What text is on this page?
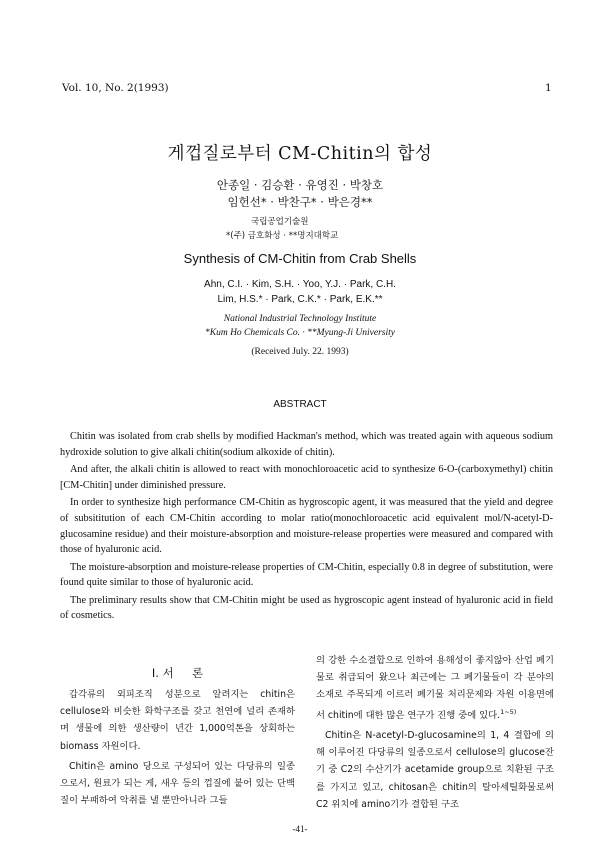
Vol. 10, No. 2(1993)	1
게껍질로부터 CM-Chitin의 합성
안종일 · 김승환 · 유영진 · 박창호
임헌선* · 박찬구* · 박은경**
국립공업기술원
*(주) 금호화성 · **명지대학교
Synthesis of CM-Chitin from Crab Shells
Ahn, C.I. · Kim, S.H. · Yoo, Y.J. · Park, C.H.
Lim, H.S.* · Park, C.K.* · Park, E.K.**
National Industrial Technology Institute
*Kum Ho Chemicals Co. · **Myung-Ji University
(Received July. 22. 1993)
ABSTRACT

Chitin was isolated from crab shells by modified Hackman's method, which was treated again with aqueous sodium hydroxide solution to give alkali chitin(sodium alkoxide of chitin).

And after, the alkali chitin is allowed to react with monochloroacetic acid to synthesize 6-O-(carboxymethyl) chitin [CM-Chitin] under diminished pressure.

In order to synthesize high performance CM-Chitin as hygroscopic agent, it was measured that the yield and degree of subsititution of each CM-Chitin according to molar ratio(monochloroacetic acid equivalent mol/N-acetyl-D-glucosamine residue) and their moisture-absorption and moisture-release properties were measured and compared with those of hyaluronic acid.

The moisture-absorption and moisture-release properties of CM-Chitin, especially 0.8 in degree of substitution, were found quite similar to those of hyaluronic acid.

The preliminary results show that CM-Chitin might be used as hygroscopic agent instead of hyaluronic acid in field of cosmetics.

I. 서     론

갑각류의 외피조직 성분으로 알려지는 chitin은 cellulose와 비슷한 화학구조를 갖고 천연에 널리 존재하며 생물에 의한 생산량이 년간 1,000억톤을 상회하는 biomass 자원이다.

Chitin은 amino 당으로 구성되어 있는 다당류의 일종으로서, 원료가 되는 게, 새우 등의 껍질에 붙어 있는 단백질이 부패하여 악취를 낼 뿐만아니라 그들

의 강한 수소결합으로 인하여 용해성이 좋지않아 산업 폐기물로 취급되어 왔으나 최근에는 그 폐기물들이 각 분야의 소재로 주목되게 이르러 폐기물 처리문제와 자원 이용면에서 chitin에 대한 많은 연구가 진행 중에 있다.$^{1\sim 5)}$

Chitin은 N-acetyl-D-glucosamine의 1, 4 결합에 의해 이루어진 다당류의 일종으로서 cellulose의 glucose잔기 중 C2의 수산기가 acetamide group으로 치환된 구조를 가지고 있고, chitosan은 chitin의 탈아세틸화물로써 C2 위치에 amino기가 결합된 구조

-41-
